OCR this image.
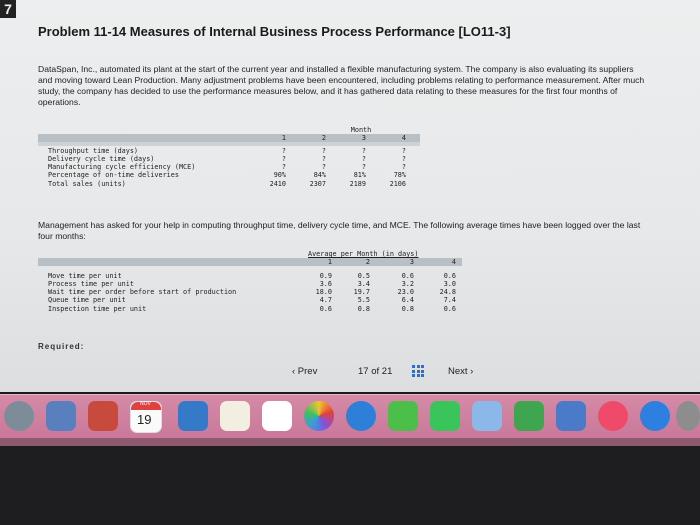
7
Problem 11-14 Measures of Internal Business Process Performance [LO11-3]
DataSpan, Inc., automated its plant at the start of the current year and installed a flexible manufacturing system. The company is also evaluating its suppliers and moving toward Lean Production. Many adjustment problems have been encountered, including problems relating to performance measurement. After much study, the company has decided to use the performance measures below, and it has gathered data relating to these measures for the first four months of operations.
Month
1	2	3	4
Throughput time (days)	?	?	?	?
Delivery cycle time (days)	?	?	?	?
Manufacturing cycle efficiency (MCE)	?	?	?	?
Percentage of on-time deliveries	90%	84%	81%	78%
Total sales (units)	2410	2307	2189	2106
Management has asked for your help in computing throughput time, delivery cycle time, and MCE. The following average times have been logged over the last four months:
Average per Month (in days)
1	2	3	4
Move time per unit	0.9	0.5	0.6	0.6
Process time per unit	3.6	3.4	3.2	3.0
Wait time per order before start of production	18.0	19.7	23.0	24.8
Queue time per unit	4.7	5.5	6.4	7.4
Inspection time per unit	0.6	0.8	0.8	0.6
Required:
‹ Prev	17 of 21	Next ›
NOV
19
